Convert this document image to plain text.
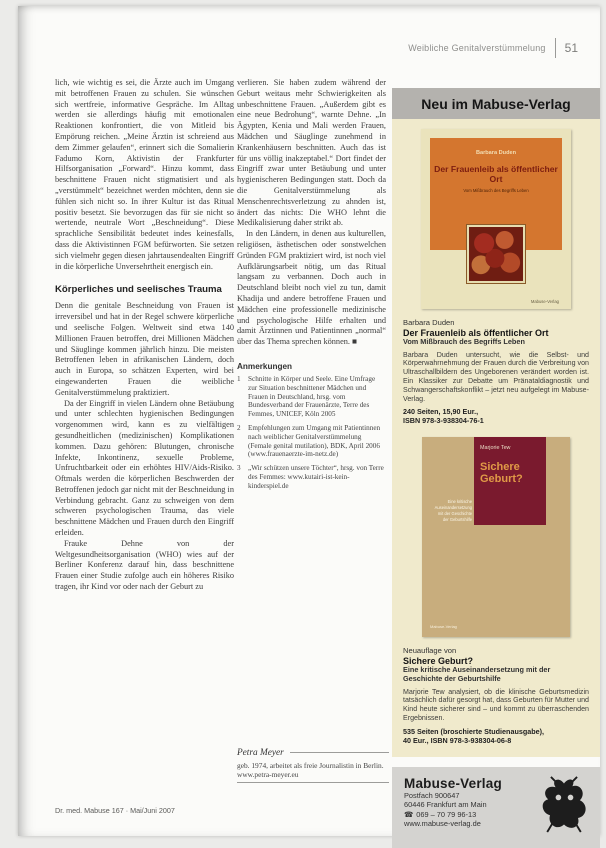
Weibliche Genitalverstümmelung 51

lich, wie wichtig es sei, die Ärzte auch im Umgang mit betroffenen Frauen zu schulen. Sie wünschen sich wertfreie, informative Gespräche. Im Alltag werden sie allerdings häufig mit emotionalen Reaktionen konfrontiert, die von Mitleid bis Empörung reichen. „Meine Ärztin ist schreiend aus dem Zimmer gelaufen“, erinnert sich die Somalierin Fadumo Korn, Aktivistin der Frankfurter Hilfsorganisation „Forward“. Hinzu kommt, dass beschnittene Frauen nicht stigmatisiert und als „verstümmelt“ bezeichnet werden möchten, denn sie fühlen sich nicht so. In ihrer Kultur ist das Ritual positiv besetzt. Sie bevorzugen das für sie nicht so wertende, neutrale Wort „Beschneidung“. Diese sprachliche Sensibilität bedeutet indes keinesfalls, dass die Aktivistinnen FGM befürworten. Sie setzen sich vielmehr gegen diesen jahrtausendealten Eingriff in die körperliche Unversehrtheit energisch ein.

Körperliches und seelisches Trauma

Denn die genitale Beschneidung von Frauen ist irreversibel und hat in der Regel schwere körperliche und seelische Folgen. Weltweit sind etwa 140 Millionen Frauen betroffen, drei Millionen Mädchen und Säuglinge kommen jährlich hinzu. Die meisten Betroffenen leben in afrikanischen Ländern, doch auch in Europa, so schätzen Experten, wird bei eingewanderten Frauen die weibliche Genitalverstümmelung praktiziert.

Da der Eingriff in vielen Ländern ohne Betäubung und unter schlechten hygienischen Bedingungen vorgenommen wird, kann es zu vielfältigen gesundheitlichen (medizinischen) Komplikationen kommen. Dazu gehören: Blutungen, chronische Infekte, Inkontinenz, sexuelle Probleme, Unfruchtbarkeit oder ein erhöhtes HIV/Aids-Risiko. Oftmals werden die körperlichen Beschwerden der Betroffenen jedoch gar nicht mit der Beschneidung in Verbindung gebracht. Ganz zu schweigen von dem schweren psychologischen Trauma, das viele beschnittene Mädchen und Frauen durch den Eingriff erleiden.

Frauke Dehne von der Weltgesundheitsorganisation (WHO) wies auf der Berliner Konferenz darauf hin, dass beschnittene Frauen einer Studie zufolge auch ein höheres Risiko tragen, ihr Kind vor oder nach der Geburt zu

verlieren. Sie haben zudem während der Geburt weitaus mehr Schwierigkeiten als unbeschnittene Frauen. „Außerdem gibt es eine neue Bedrohung“, warnte Dehne. „In Ägypten, Kenia und Mali werden Frauen, Mädchen und Säuglinge zunehmend in Krankenhäusern beschnitten. Auch das ist für uns völlig inakzeptabel.“ Dort findet der Eingriff zwar unter Betäubung und unter hygienischeren Bedingungen statt. Doch da die Genitalverstümmelung als Menschenrechtsverletzung zu ahnden ist, ändert das nichts: Die WHO lehnt die Medikalisierung daher strikt ab.

In den Ländern, in denen aus kulturellen, religiösen, ästhetischen oder sonstwelchen Gründen FGM praktiziert wird, ist noch viel Aufklärungsarbeit nötig, um das Ritual langsam zu verbannen. Doch auch in Deutschland bleibt noch viel zu tun, damit Khadija und andere betroffene Frauen und Mädchen eine professionelle medizinische und psychologische Hilfe erhalten und damit Ärztinnen und Patientinnen „normal“ über das Thema sprechen können. ■

Anmerkungen
1	Schnitte in Körper und Seele. Eine Umfrage zur Situation beschnittener Mädchen und Frauen in Deutschland, hrsg. vom Bundesverband der Frauenärzte, Terre des Femmes, UNICEF, Köln 2005
2	Empfehlungen zum Umgang mit Patientinnen nach weiblicher Genitalverstümmelung (Female genital mutilation), BDK, April 2006 (www.frauenaerzte-im-netz.de)
3	„Wir schützen unsere Töchter“, hrsg. von Terre des Femmes: www.kutairi-ist-kein-kinderspiel.de
Petra Meyer
geb. 1974, arbeitet als freie Journalistin in Berlin. www.petra-meyer.eu
Dr. med. Mabuse 167 · Mai/Juni 2007
Neu im Mabuse-Verlag
Barbara Duden
Der Frauenleib als öffentlicher Ort
Vom Mißbrauch des Begriffs Leben
Mabuse-Verlag
Barbara Duden
Der Frauenleib als öffentlicher Ort
Vom Mißbrauch des Begriffs Leben
Barbara Duden untersucht, wie die Selbst- und Körperwahrnehmung der Frauen durch die Verbreitung von Ultraschallbildern des Ungeborenen verändert worden ist. Ein Klassiker zur Debatte um Pränataldiagnostik und Schwangerschaftskonflikt – jetzt neu aufgelegt im Mabuse-Verlag.
240 Seiten, 15,90 Eur.,
ISBN 978-3-938304-76-1
Marjorie Tew
Sichere Geburt?
Eine kritische Auseinandersetzung mit der Geschichte der Geburtshilfe
Mabuse-Verlag
Neuauflage von
Sichere Geburt?
Eine kritische Auseinandersetzung mit der Geschichte der Geburtshilfe
Marjorie Tew analysiert, ob die klinische Geburtsmedizin tatsächlich dafür gesorgt hat, dass Geburten für Mutter und Kind heute sicherer sind – und kommt zu überraschenden Ergebnissen.
535 Seiten (broschierte Studienausgabe),
40 Eur., ISBN 978-3-938304-06-8
Mabuse-Verlag
Postfach 900647
60446 Frankfurt am Main
☎ 069 – 70 79 96-13
www.mabuse-verlag.de
